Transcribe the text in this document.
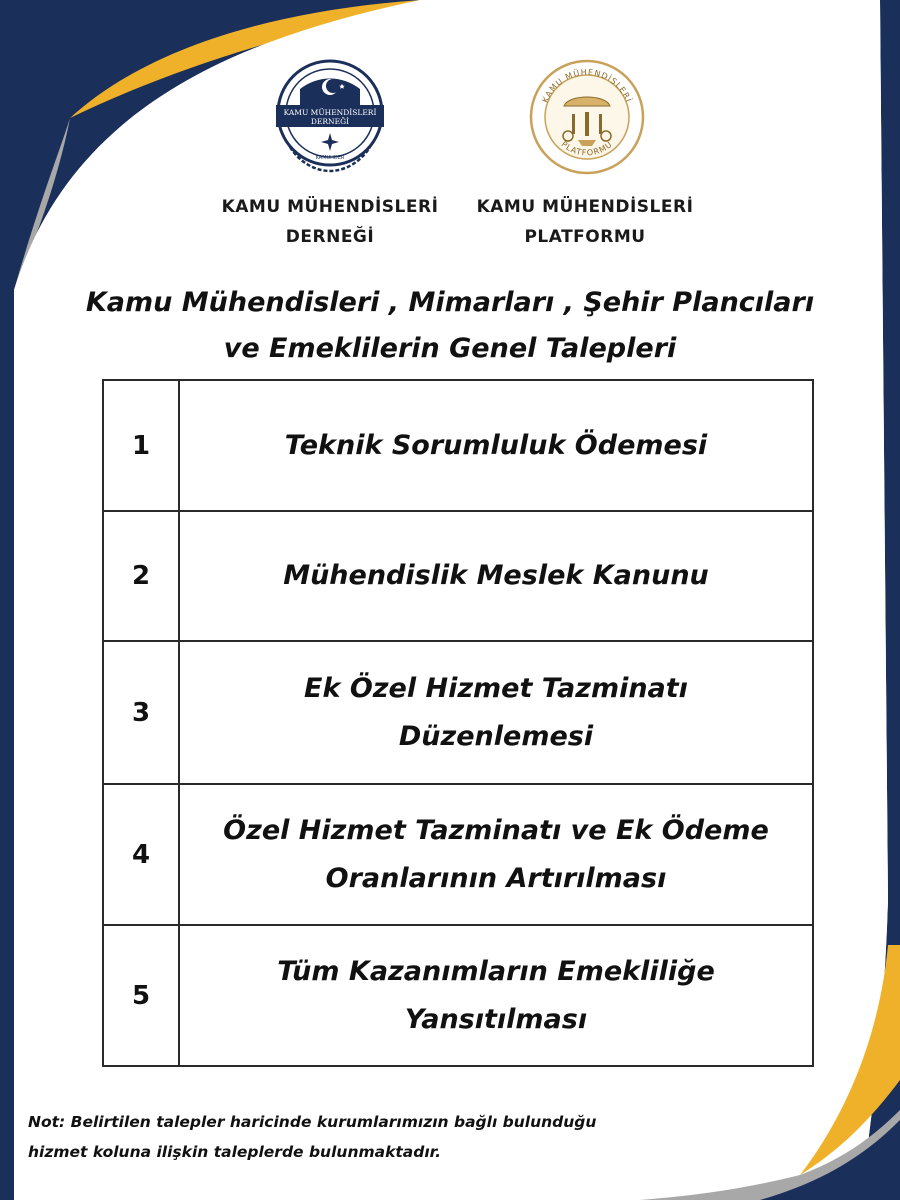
KAMU MÜHENDİSLERİ
DERNEĞİ
KAMUHDER
KAMU MÜHENDİSLERİ
PLATFORMU
KAMU MÜHENDİSLERİ
DERNEĞİ
KAMU MÜHENDİSLERİ
PLATFORMU
Kamu Mühendisleri , Mimarları , Şehir Plancıları
ve Emeklilerin Genel Talepleri
1	Teknik Sorumluluk Ödemesi

2	Mühendislik Meslek Kanunu

3	Ek Özel Hizmet Tazminatı
Düzenlemesi

4	Özel Hizmet Tazminatı ve Ek Ödeme
Oranlarının Artırılması

5	Tüm Kazanımların Emekliliğe
Yansıtılması
Not: Belirtilen talepler haricinde kurumlarımızın bağlı bulunduğu
hizmet koluna ilişkin taleplerde bulunmaktadır.
